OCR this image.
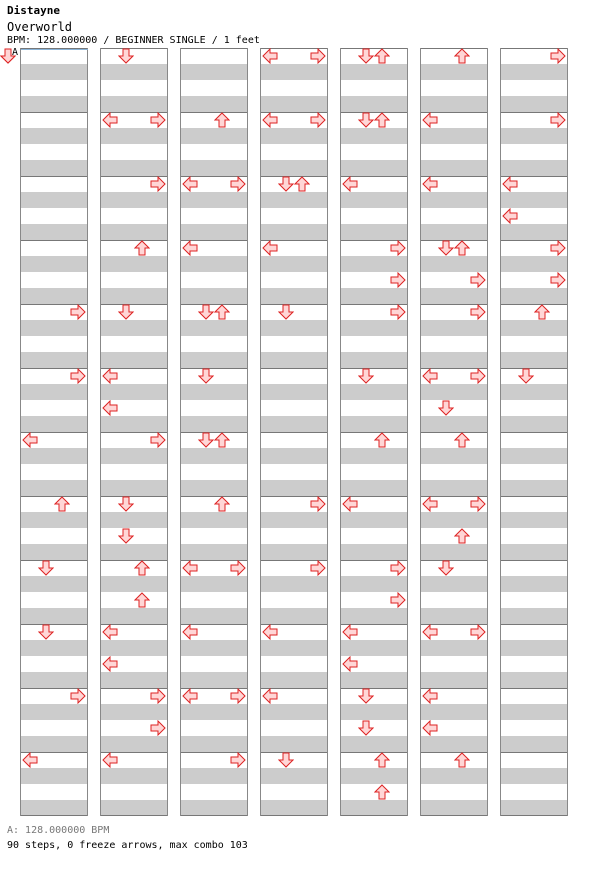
Distayne
Overworld
BPM: 128.000000 / BEGINNER SINGLE / 1 feet
A
A: 128.000000 BPM
90 steps, 0 freeze arrows, max combo 103
